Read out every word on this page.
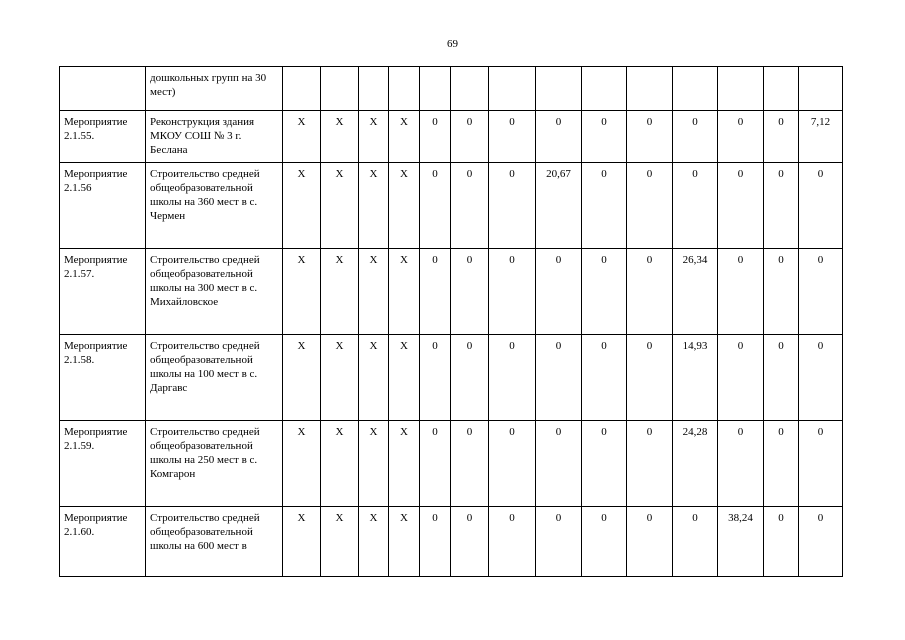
69
	дошкольных групп на 30 мест)														
Мероприятие 2.1.55.	Реконструкция здания МКОУ СОШ № 3 г. Беслана	X	X	X	X	0	0	0	0	0	0	0	0	0	7,12
Мероприятие 2.1.56	Строительство средней общеобразовательной школы на 360 мест в с. Чермен	X	X	X	X	0	0	0	20,67	0	0	0	0	0	0
Мероприятие 2.1.57.	Строительство средней общеобразовательной школы на 300 мест в с. Михайловское	X	X	X	X	0	0	0	0	0	0	26,34	0	0	0
Мероприятие 2.1.58.	Строительство средней общеобразовательной школы на 100 мест в с. Даргавс	X	X	X	X	0	0	0	0	0	0	14,93	0	0	0
Мероприятие 2.1.59.	Строительство средней общеобразовательной школы на 250 мест в с. Комгарон	X	X	X	X	0	0	0	0	0	0	24,28	0	0	0
Мероприятие 2.1.60.	Строительство средней общеобразовательной школы на 600 мест в	X	X	X	X	0	0	0	0	0	0	0	38,24	0	0
